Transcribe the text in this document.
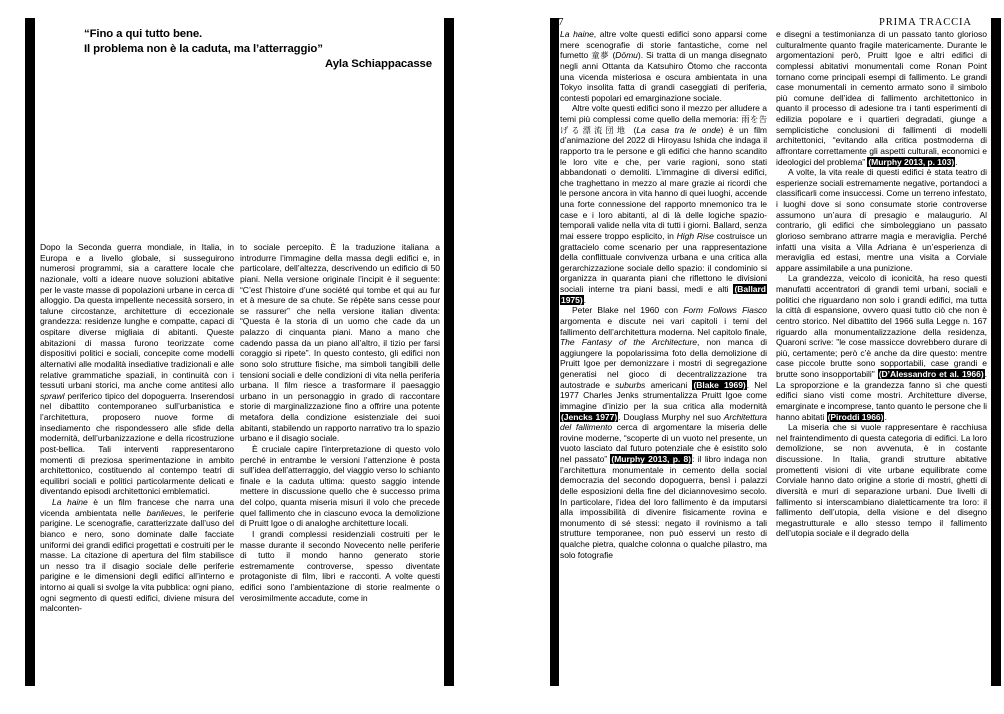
“Fino a qui tutto bene.
Il problema non è la caduta, ma l’atterraggio”
Ayla Schiappacasse

Dopo la Seconda guerra mondiale, in Italia, in Europa e a livello globale, si susseguirono numerosi programmi, sia a carattere locale che nazionale, volti a ideare nuove soluzioni abitative per le vaste masse di popolazioni urbane in cerca di alloggio. Da questa impellente necessità sorsero, in talune circostanze, architetture di eccezionale grandezza: residenze lunghe e compatte, capaci di ospitare diverse migliaia di abitanti. Queste abitazioni di massa furono teorizzate come dispositivi politici e sociali, concepite come modelli alternativi alle modalità insediative tradizionali e alle relative grammatiche spaziali, in continuità con i tessuti urbani storici, ma anche come antitesi allo sprawl periferico tipico del dopoguerra. Inserendosi nel dibattito contemporaneo sull’urbanistica e l’architettura, proposero nuove forme di insediamento che rispondessero alle sfide della modernità, dell’urbanizzazione e della ricostruzione post-bellica. Tali interventi rappresentarono momenti di preziosa sperimentazione in ambito architettonico, costituendo al contempo teatri di equilibri sociali e politici particolarmente delicati e diventando episodi architettonici emblematici.

La haine è un film francese che narra una vicenda ambientata nelle banlieues, le periferie parigine. Le scenografie, caratterizzate dall’uso del bianco e nero, sono dominate dalle facciate uniformi dei grandi edifici progettati e costruiti per le masse. La citazione di apertura del film stabilisce un nesso tra il disagio sociale delle periferie parigine e le dimensioni degli edifici all’interno e intorno ai quali si svolge la vita pubblica: ogni piano, ogni segmento di questi edifici, diviene misura del malconten-

to sociale percepito. È la traduzione italiana a introdurre l’immagine della massa degli edifici e, in particolare, dell’altezza, descrivendo un edificio di 50 piani. Nella versione originale l’incipit è il seguente: “C’est l’histoire d’une société qui tombe et qui au fur et à mesure de sa chute. Se répète sans cesse pour se rassurer” che nella versione italian diventa: “Questa è la storia di un uomo che cade da un palazzo di cinquanta piani. Mano a mano che cadendo passa da un piano all’altro, il tizio per farsi coraggio si ripete”. In questo contesto, gli edifici non sono solo strutture fisiche, ma simboli tangibili delle tensioni sociali e delle condizioni di vita nella periferia urbana. Il film riesce a trasformare il paesaggio urbano in un personaggio in grado di raccontare storie di marginalizzazione fino a offrire una potente metafora della condizione esistenziale dei suoi abitanti, stabilendo un rapporto narrativo tra lo spazio urbano e il disagio sociale.

È cruciale capire l’interpretazione di questo volo perché in entrambe le versioni l’attenzione è posta sull’idea dell’atterraggio, del viaggio verso lo schianto finale e la caduta ultima: questo saggio intende mettere in discussione quello che è successo prima del colpo, quanta miseria misuri il volo che precede quel fallimento che in ciascuno evoca la demolizione di Pruitt Igoe o di analoghe architetture locali.

I grandi complessi residenziali costruiti per le masse durante il secondo Novecento nelle periferie di tutto il mondo hanno generato storie estremamente controverse, spesso diventate protagoniste di film, libri e racconti. A volte questi edifici sono l’ambientazione di storie realmente o verosimilmente accadute, come in

57	PRIMA TRACCIA

La haine, altre volte questi edifici sono apparsi come mere scenografie di storie fantastiche, come nel fumetto 童夢 (Dōmu). Si tratta di un manga disegnato negli anni Ottanta da Katsuhiro Ōtomo che racconta una vicenda misteriosa e oscura ambientata in una Tokyo insolita fatta di grandi caseggiati di periferia, contesti popolari ed emarginazione sociale.

Altre volte questi edifici sono il mezzo per alludere a temi più complessi come quello della memoria: 雨を告げる漂流団地 (La casa tra le onde) è un film d’animazione del 2022 di Hiroyasu Ishida che indaga il rapporto tra le persone e gli edifici che hanno scandito le loro vite e che, per varie ragioni, sono stati abbandonati o demoliti. L’immagine di diversi edifici, che traghettano in mezzo al mare grazie ai ricordi che le persone ancora in vita hanno di quei luoghi, accende una forte connessione del rapporto mnemonico tra le case e i loro abitanti, al di là delle logiche spazio-temporali valide nella vita di tutti i giorni. Ballard, senza mai essere troppo esplicito, in High Rise costruisce un grattacielo come scenario per una rappresentazione della conflittuale convivenza urbana e una critica alla gerarchizzazione sociale dello spazio: il condominio si organizza in quaranta piani che riflettono le divisioni sociali interne tra piani bassi, medi e alti (Ballard 1975).

Peter Blake nel 1960 con Form Follows Fiasco argomenta e discute nei vari capitoli i temi del fallimento dell’architettura moderna. Nel capitolo finale, The Fantasy of the Architecture, non manca di aggiungere la popolarissima foto della demolizione di Pruitt Igoe per demonizzare i mostri di segregazione generatisi nel gioco di decentralizzazione tra autostrade e suburbs americani (Blake 1969). Nel 1977 Charles Jenks strumentalizza Pruitt Igoe come immagine d’inizio per la sua critica alla modernità (Jencks 1977). Douglass Murphy nel suo Architettura del fallimento cerca di argomentare la miseria delle rovine moderne, “scoperte di un vuoto nel presente, un vuoto lasciato dal futuro potenziale che è esistito solo nel passato” (Murphy 2013, p. 8): il libro indaga non l’architettura monumentale in cemento della social democrazia del secondo dopoguerra, bensì i palazzi delle esposizioni della fine del diciannovesimo secolo. In particolare, l’idea del loro fallimento è da imputarsi alla impossibilità di divenire fisicamente rovina e monumento di sé stessi: negato il rovinismo a tali strutture temporanee, non può esservi un resto di qualche pietra, qualche colonna o qualche pilastro, ma solo fotografie

e disegni a testimonianza di un passato tanto glorioso culturalmente quanto fragile matericamente. Durante le argomentazioni però, Pruitt Igoe e altri edifici di complessi abitativi monumentali come Ronan Point tornano come principali esempi di fallimento. Le grandi case monumentali in cemento armato sono il simbolo più comune dell’idea di fallimento architettonico in quanto il processo di adesione tra i tanti esperimenti di edilizia popolare e i quartieri degradati, giunge a semplicistiche conclusioni di fallimenti di modelli architettonici, “evitando alla critica postmoderna di affrontare correttamente gli aspetti culturali, economici e ideologici del problema” (Murphy 2013, p. 103).

A volte, la vita reale di questi edifici è stata teatro di esperienze sociali estremamente negative, portandoci a classificarli come insuccessi. Come un terreno infestato, i luoghi dove si sono consumate storie controverse assumono un’aura di presagio e malaugurio. Al contrario, gli edifici che simboleggiano un passato glorioso sembrano attrarre magia e meraviglia. Perché infatti una visita a Villa Adriana è un’esperienza di meraviglia ed estasi, mentre una visita a Corviale appare assimilabile a una punizione.

La grandezza, veicolo di iconicità, ha reso questi manufatti accentratori di grandi temi urbani, sociali e politici che riguardano non solo i grandi edifici, ma tutta la città di espansione, ovvero quasi tutto ciò che non è centro storico. Nel dibattito del 1966 sulla Legge n. 167 riguardo alla monumentalizzazione della residenza, Quaroni scrive: "le cose massicce dovrebbero durare di più, certamente; però c’è anche da dire questo: mentre case piccole brutte sono sopportabili, case grandi e brutte sono insopportabili" (D’Alessandro et al. 1966). La sproporzione e la grandezza fanno sì che questi edifici siano visti come mostri. Architetture diverse, emarginate e incomprese, tanto quanto le persone che li hanno abitati (Piroddi 1966).

La miseria che si vuole rappresentare è racchiusa nel fraintendimento di questa categoria di edifici. La loro demolizione, se non avvenuta, è in costante discussione. In Italia, grandi strutture abitative promettenti visioni di vite urbane equilibrate come Corviale hanno dato origine a storie di mostri, ghetti di diversità e muri di separazione urbani. Due livelli di fallimento si interscambiano dialetticamente tra loro: il fallimento dell’utopia, della visione e del disegno megastrutturale e allo stesso tempo il fallimento dell’utopia sociale e il degrado della
